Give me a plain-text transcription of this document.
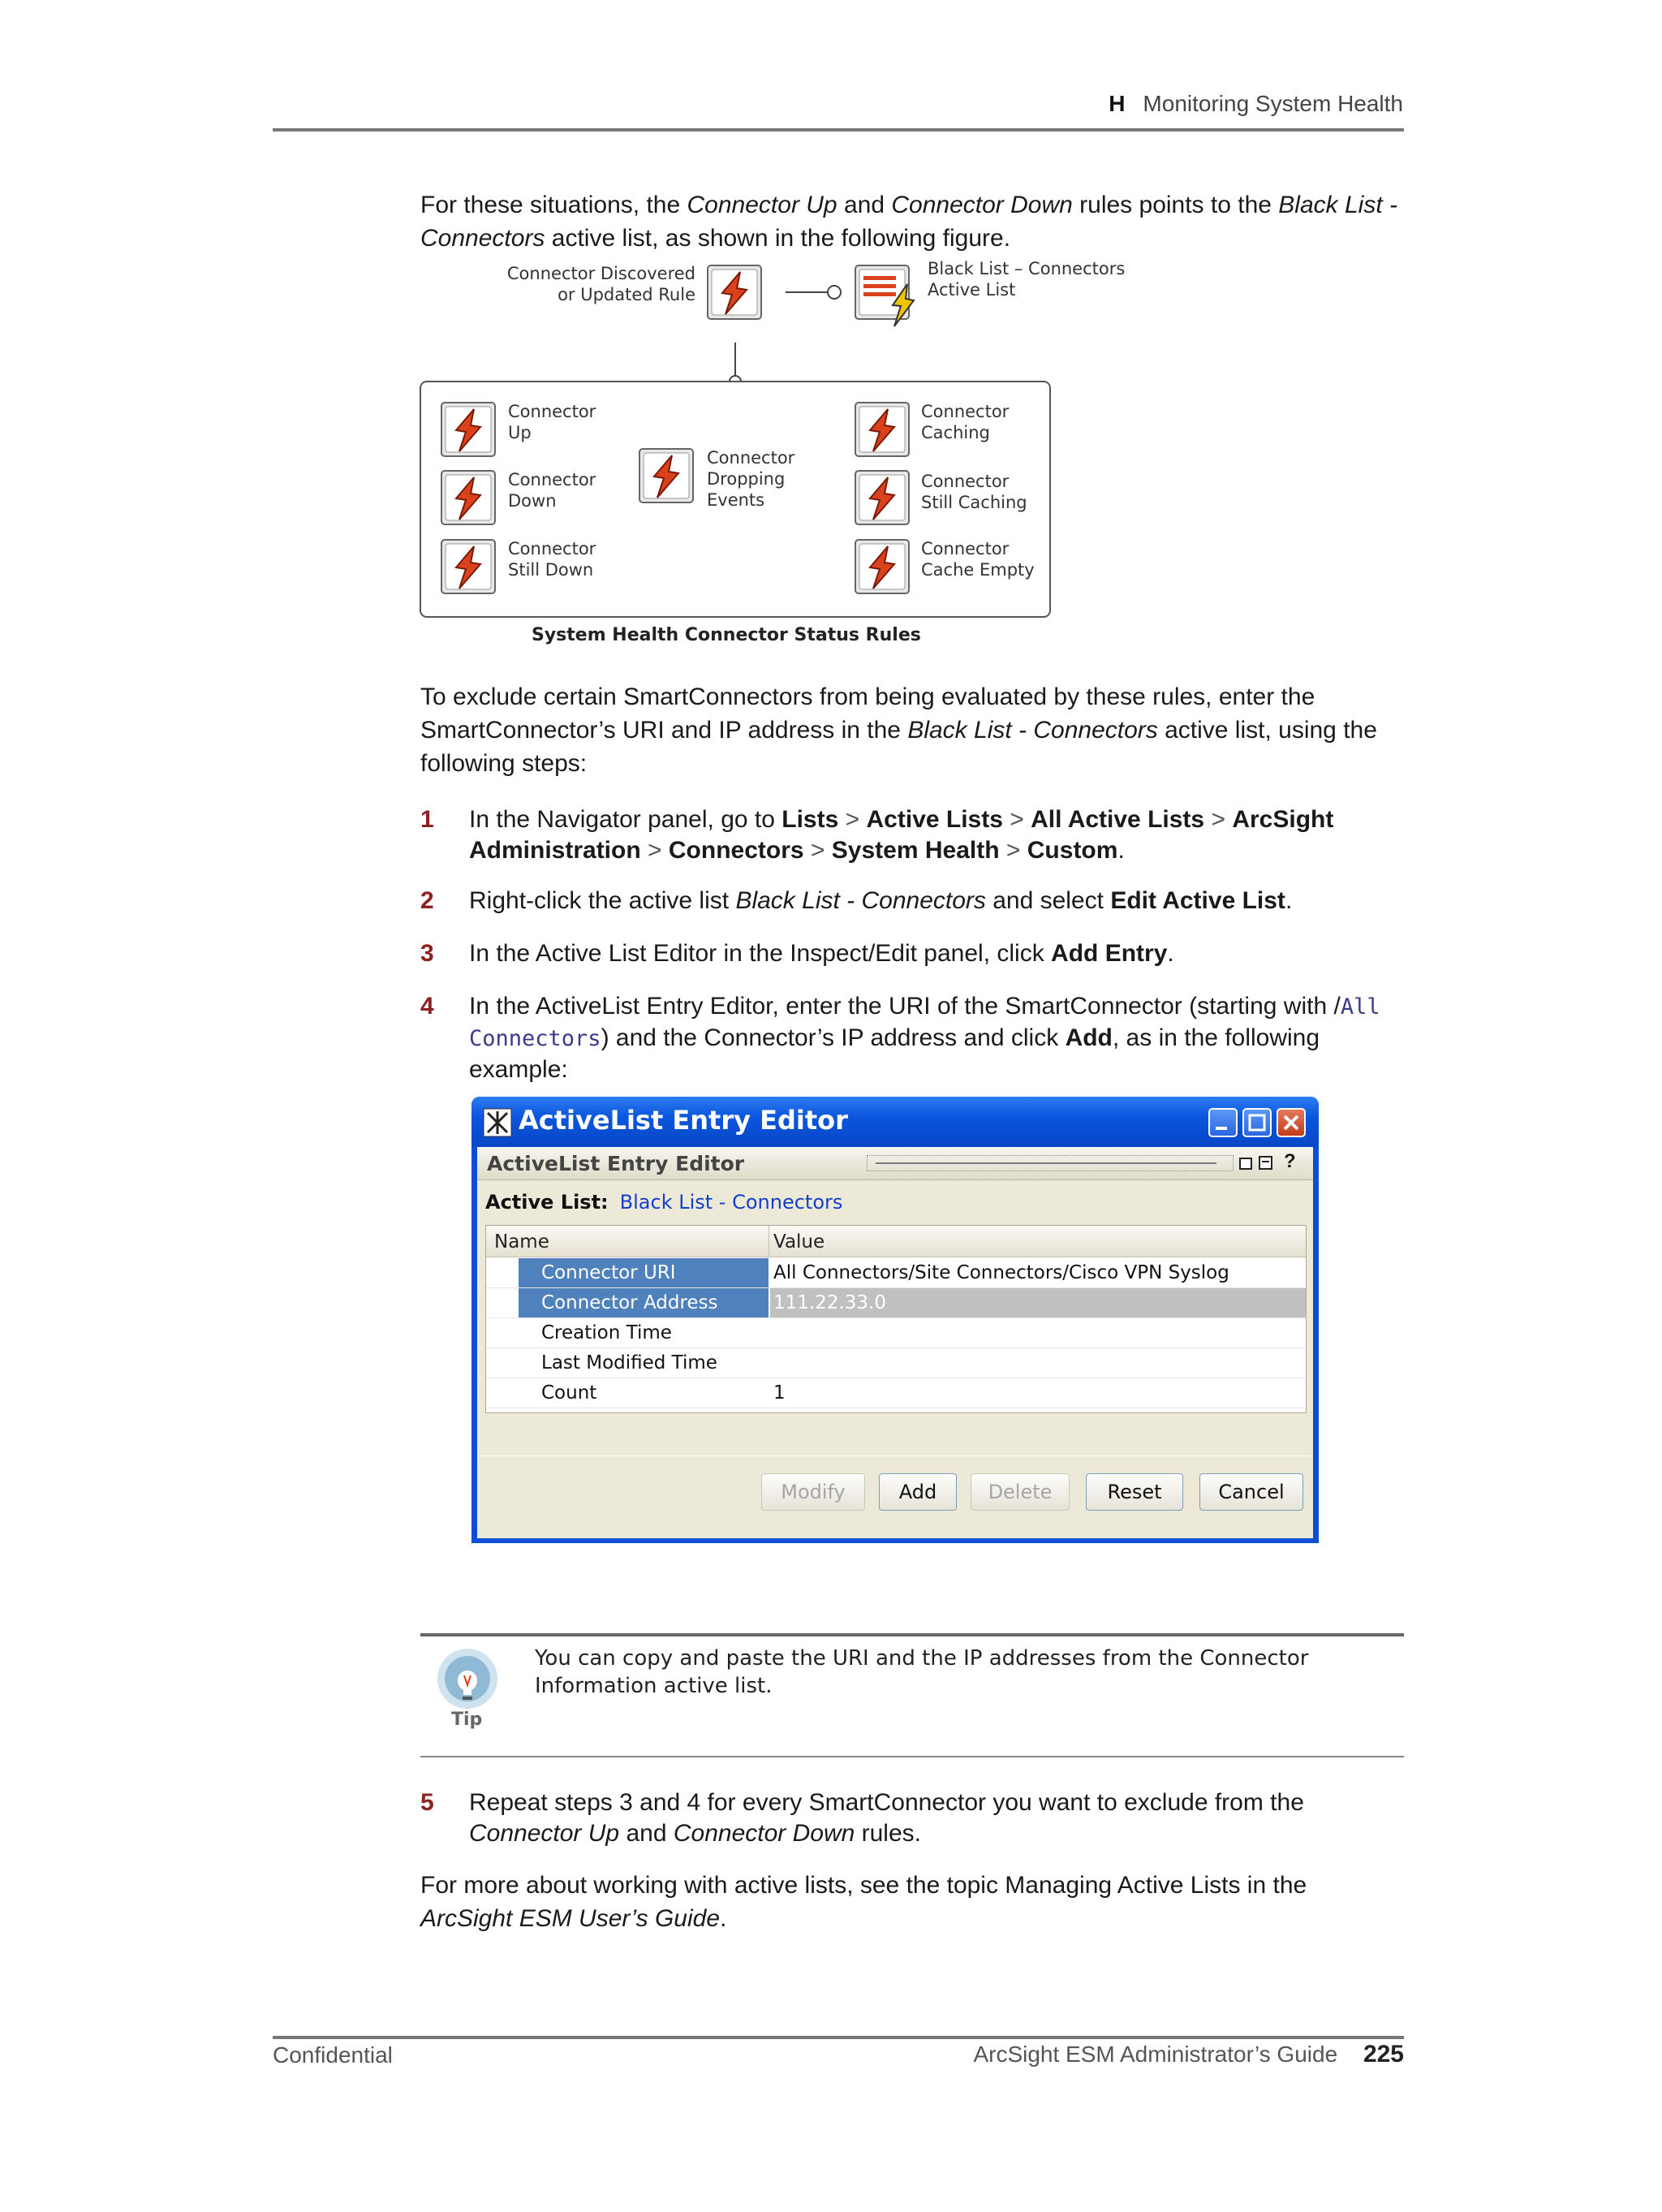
H Monitoring System Health

For these situations, the Connector Up and Connector Down rules points to the Black List - Connectors active list, as shown in the following figure.

Connector Discovered
or Updated Rule
Black List – Connectors
Active List
Connector
Up
Connector
Down
Connector
Still Down
Connector
Dropping
Events
Connector
Caching
Connector
Still Caching
Connector
Cache Empty
System Health Connector Status Rules

To exclude certain SmartConnectors from being evaluated by these rules, enter the SmartConnector’s URI and IP address in the Black List - Connectors active list, using the following steps:

1 In the Navigator panel, go to Lists > Active Lists > All Active Lists > ArcSight Administration > Connectors > System Health > Custom.
2 Right-click the active list Black List - Connectors and select Edit Active List.
3 In the Active List Editor in the Inspect/Edit panel, click Add Entry.
4 In the ActiveList Entry Editor, enter the URI of the SmartConnector (starting with /All Connectors) and the Connector’s IP address and click Add, as in the following example:
ActiveList Entry Editor
ActiveList Entry Editor	?
Active List: Black List - Connectors
Name	Value
Connector URI	All Connectors/Site Connectors/Cisco VPN Syslog
Connector Address	111.22.33.0
Creation Time
Last Modified Time
Count	1
Modify	Add	Delete	Reset	Cancel
Tip
You can copy and paste the URI and the IP addresses from the Connector Information active list.
5 Repeat steps 3 and 4 for every SmartConnector you want to exclude from the Connector Up and Connector Down rules.

For more about working with active lists, see the topic Managing Active Lists in the ArcSight ESM User’s Guide.

Confidential	ArcSight ESM Administrator’s Guide 225
